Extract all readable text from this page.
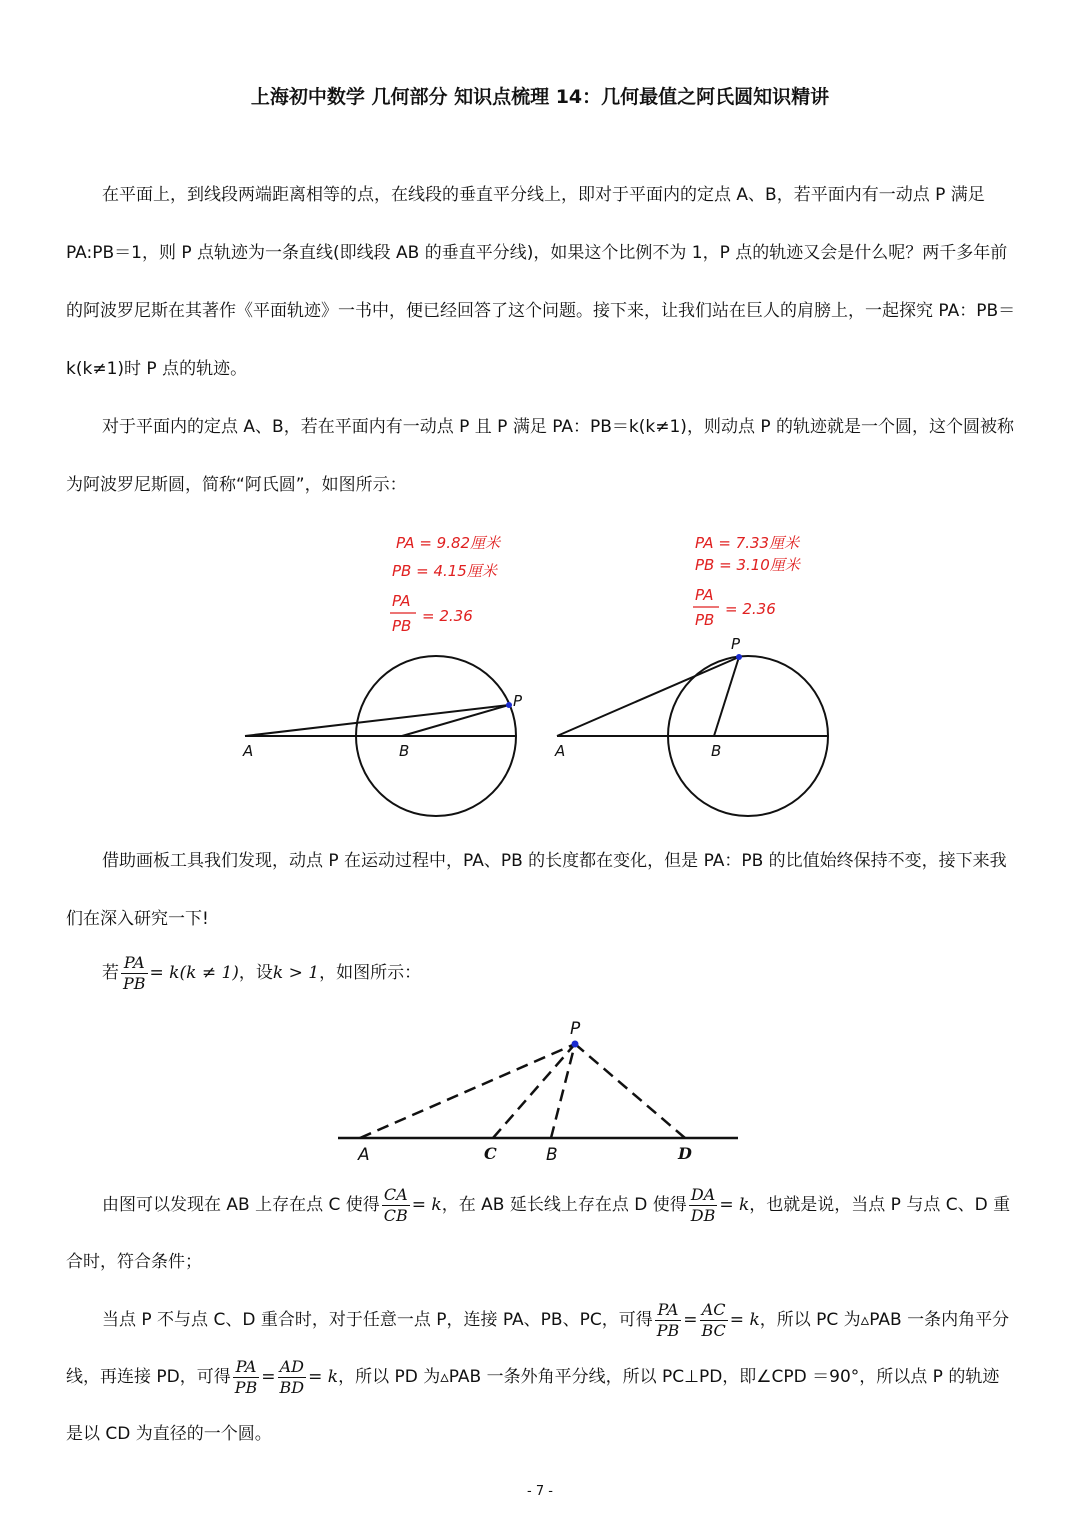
上海初中数学 几何部分 知识点梳理 14：几何最值之阿氏圆知识精讲

在平面上，到线段两端距离相等的点，在线段的垂直平分线上，即对于平面内的定点 A、B，若平面内有一动点 P 满足 PA:PB＝1，则 P 点轨迹为一条直线(即线段 AB 的垂直平分线)，如果这个比例不为 1，P 点的轨迹又会是什么呢？两千多年前的阿波罗尼斯在其著作《平面轨迹》一书中，便已经回答了这个问题。接下来，让我们站在巨人的肩膀上，一起探究 PA：PB＝k(k≠1)时 P 点的轨迹。

对于平面内的定点 A、B，若在平面内有一动点 P 且 P 满足 PA：PB＝k(k≠1)，则动点 P 的轨迹就是一个圆，这个圆被称为阿波罗尼斯圆，简称“阿氏圆”，如图所示：

PA = 9.82厘米
PB = 4.15厘米
PA
PB
= 2.36
A	B
P
PA = 7.33厘米
PB = 3.10厘米
PA
PB
= 2.36
A	B
P

借助画板工具我们发现，动点 P 在运动过程中，PA、PB 的长度都在变化，但是 PA：PB 的比值始终保持不变，接下来我们在深入研究一下!

若 $\frac{PA}{PB} = k(k \ne 1)$，设k > 1，如图所示：

P
A	C	B	D

由图可以发现在 AB 上存在点 C 使得 $\frac{CA}{CB} = k$，在 AB 延长线上存在点 D 使得 $\frac{DA}{DB} = k$，也就是说，当点 P 与点 C、D 重合时，符合条件；

当点 P 不与点 C、D 重合时，对于任意一点 P，连接 PA、PB、PC，可得 $\frac{PA}{PB} = \frac{AC}{BC} = k$，所以 PC 为▵PAB 一条内角平分线，再连接 PD，可得 $\frac{PA}{PB} = \frac{AD}{BD} = k$，所以 PD 为▵PAB 一条外角平分线，所以 PC⊥PD，即∠CPD ＝90°，所以点 P 的轨迹是以 CD 为直径的一个圆。

- 7 -
